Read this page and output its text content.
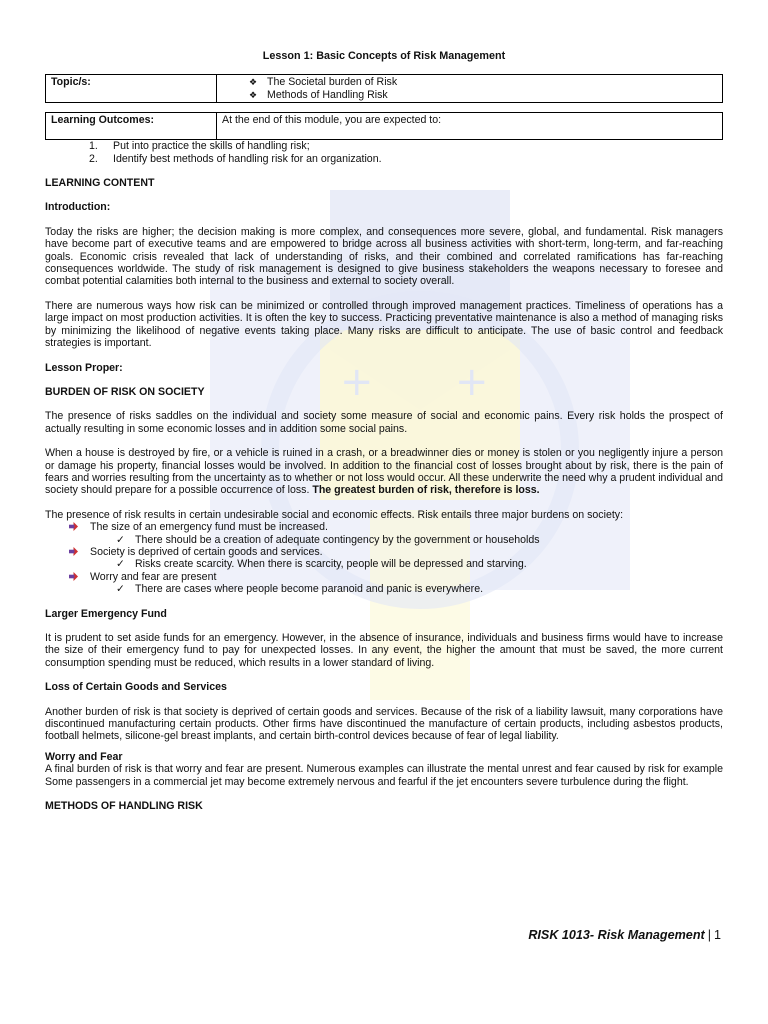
+ +
Lesson 1: Basic Concepts of Risk Management
Topic/s:	❖ The Societal burden of Risk
❖ Methods of Handling Risk
Learning Outcomes:	At the end of this module, you are expected to:
1. Put into practice the skills of handling risk;
2. Identify best methods of handling risk for an organization.
LEARNING CONTENT
Introduction:

Today the risks are higher; the decision making is more complex, and consequences more severe, global, and fundamental. Risk managers have become part of executive teams and are empowered to bridge across all business activities with short-term, long-term, and far-reaching goals. Economic crisis revealed that lack of understanding of risks, and their combined and correlated ramifications has far-reaching consequences worldwide. The study of risk management is designed to give business stakeholders the weapons necessary to foresee and combat potential calamities both internal to the business and external to society overall.

There are numerous ways how risk can be minimized or controlled through improved management practices. Timeliness of operations has a large impact on most production activities. It is often the key to success. Practicing preventative maintenance is also a method of managing risks by minimizing the likelihood of negative events taking place. Many risks are difficult to anticipate. The use of basic control and feedback strategies is important.

Lesson Proper:
BURDEN OF RISK ON SOCIETY

The presence of risks saddles on the individual and society some measure of social and economic pains. Every risk holds the prospect of actually resulting in some economic losses and in addition some social pains.

When a house is destroyed by fire, or a vehicle is ruined in a crash, or a breadwinner dies or money is stolen or you negligently injure a person or damage his property, financial losses would be involved. In addition to the financial cost of losses brought about by risk, there is the pain of fears and worries resulting from the uncertainty as to whether or not loss would occur. All these underwrite the need why a prudent individual and society should prepare for a possible occurrence of loss. The greatest burden of risk, therefore is loss.

The presence of risk results in certain undesirable social and economic effects. Risk entails three major burdens on society:

The size of an emergency fund must be increased.
✓ There should be a creation of adequate contingency by the government or households
Society is deprived of certain goods and services.
✓ Risks create scarcity. When there is scarcity, people will be depressed and starving.
Worry and fear are present
✓ There are cases where people become paranoid and panic is everywhere.
Larger Emergency Fund

It is prudent to set aside funds for an emergency. However, in the absence of insurance, individuals and business firms would have to increase the size of their emergency fund to pay for unexpected losses. In any event, the higher the amount that must be saved, the more current consumption spending must be reduced, which results in a lower standard of living.

Loss of Certain Goods and Services

Another burden of risk is that society is deprived of certain goods and services. Because of the risk of a liability lawsuit, many corporations have discontinued manufacturing certain products. Other firms have discontinued the manufacture of certain products, including asbestos products, football helmets, silicone-gel breast implants, and certain birth-control devices because of fear of legal liability.

Worry and Fear

A final burden of risk is that worry and fear are present. Numerous examples can illustrate the mental unrest and fear caused by risk for example Some passengers in a commercial jet may become extremely nervous and fearful if the jet encounters severe turbulence during the flight.

METHODS OF HANDLING RISK
RISK 1013- Risk Management | 1
